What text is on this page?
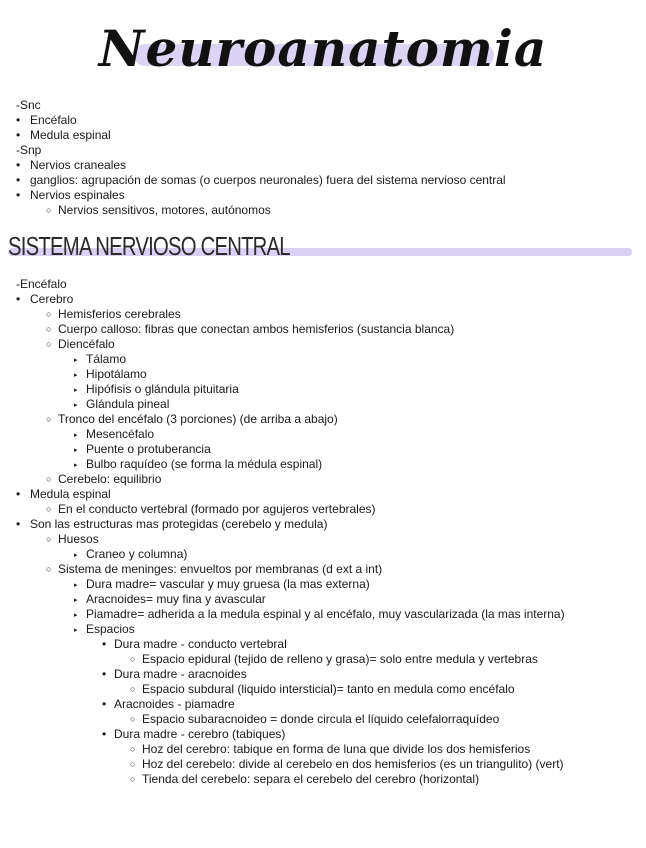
Neuroanatomia
-Snc
• Encéfalo
• Medula espinal
-Snp
• Nervios craneales
• ganglios: agrupación de somas (o cuerpos neuronales) fuera del sistema nervioso central
• Nervios espinales
○ Nervios sensitivos, motores, autónomos
SISTEMA NERVIOSO CENTRAL
-Encéfalo
• Cerebro
○ Hemisferios cerebrales
○ Cuerpo calloso: fibras que conectan ambos hemisferios (sustancia blanca)
○ Diencéfalo
▸ Tálamo
▸ Hipotálamo
▸ Hipófisis o glándula pituitaria
▸ Glándula pineal
○ Tronco del encéfalo (3 porciones) (de arriba a abajo)
▸ Mesencéfalo
▸ Puente o protuberancia
▸ Bulbo raquídeo (se forma la médula espinal)
○ Cerebelo: equilibrio
• Medula espinal
○ En el conducto vertebral (formado por agujeros vertebrales)
• Son las estructuras mas protegidas (cerebelo y medula)
○ Huesos
▸ Craneo y columna)
○ Sistema de meninges: envueltos por membranas (d ext a int)
▸ Dura madre= vascular y muy gruesa (la mas externa)
▸ Aracnoides= muy fina y avascular
▸ Piamadre= adherida a la medula espinal y al encéfalo, muy vascularizada (la mas interna)
▸ Espacios
• Dura madre - conducto vertebral
○ Espacio epidural (tejido de relleno y grasa)= solo entre medula y vertebras
• Dura madre - aracnoides
○ Espacio subdural (liquido intersticial)= tanto en medula como encéfalo
• Aracnoides - piamadre
○ Espacio subaracnoideo = donde circula el líquido celefalorraquídeo
• Dura madre - cerebro (tabiques)
○ Hoz del cerebro: tabique en forma de luna que divide los dos hemisferios
○ Hoz del cerebelo: divide al cerebelo en dos hemisferios (es un triangulito) (vert)
○ Tienda del cerebelo: separa el cerebelo del cerebro (horizontal)
